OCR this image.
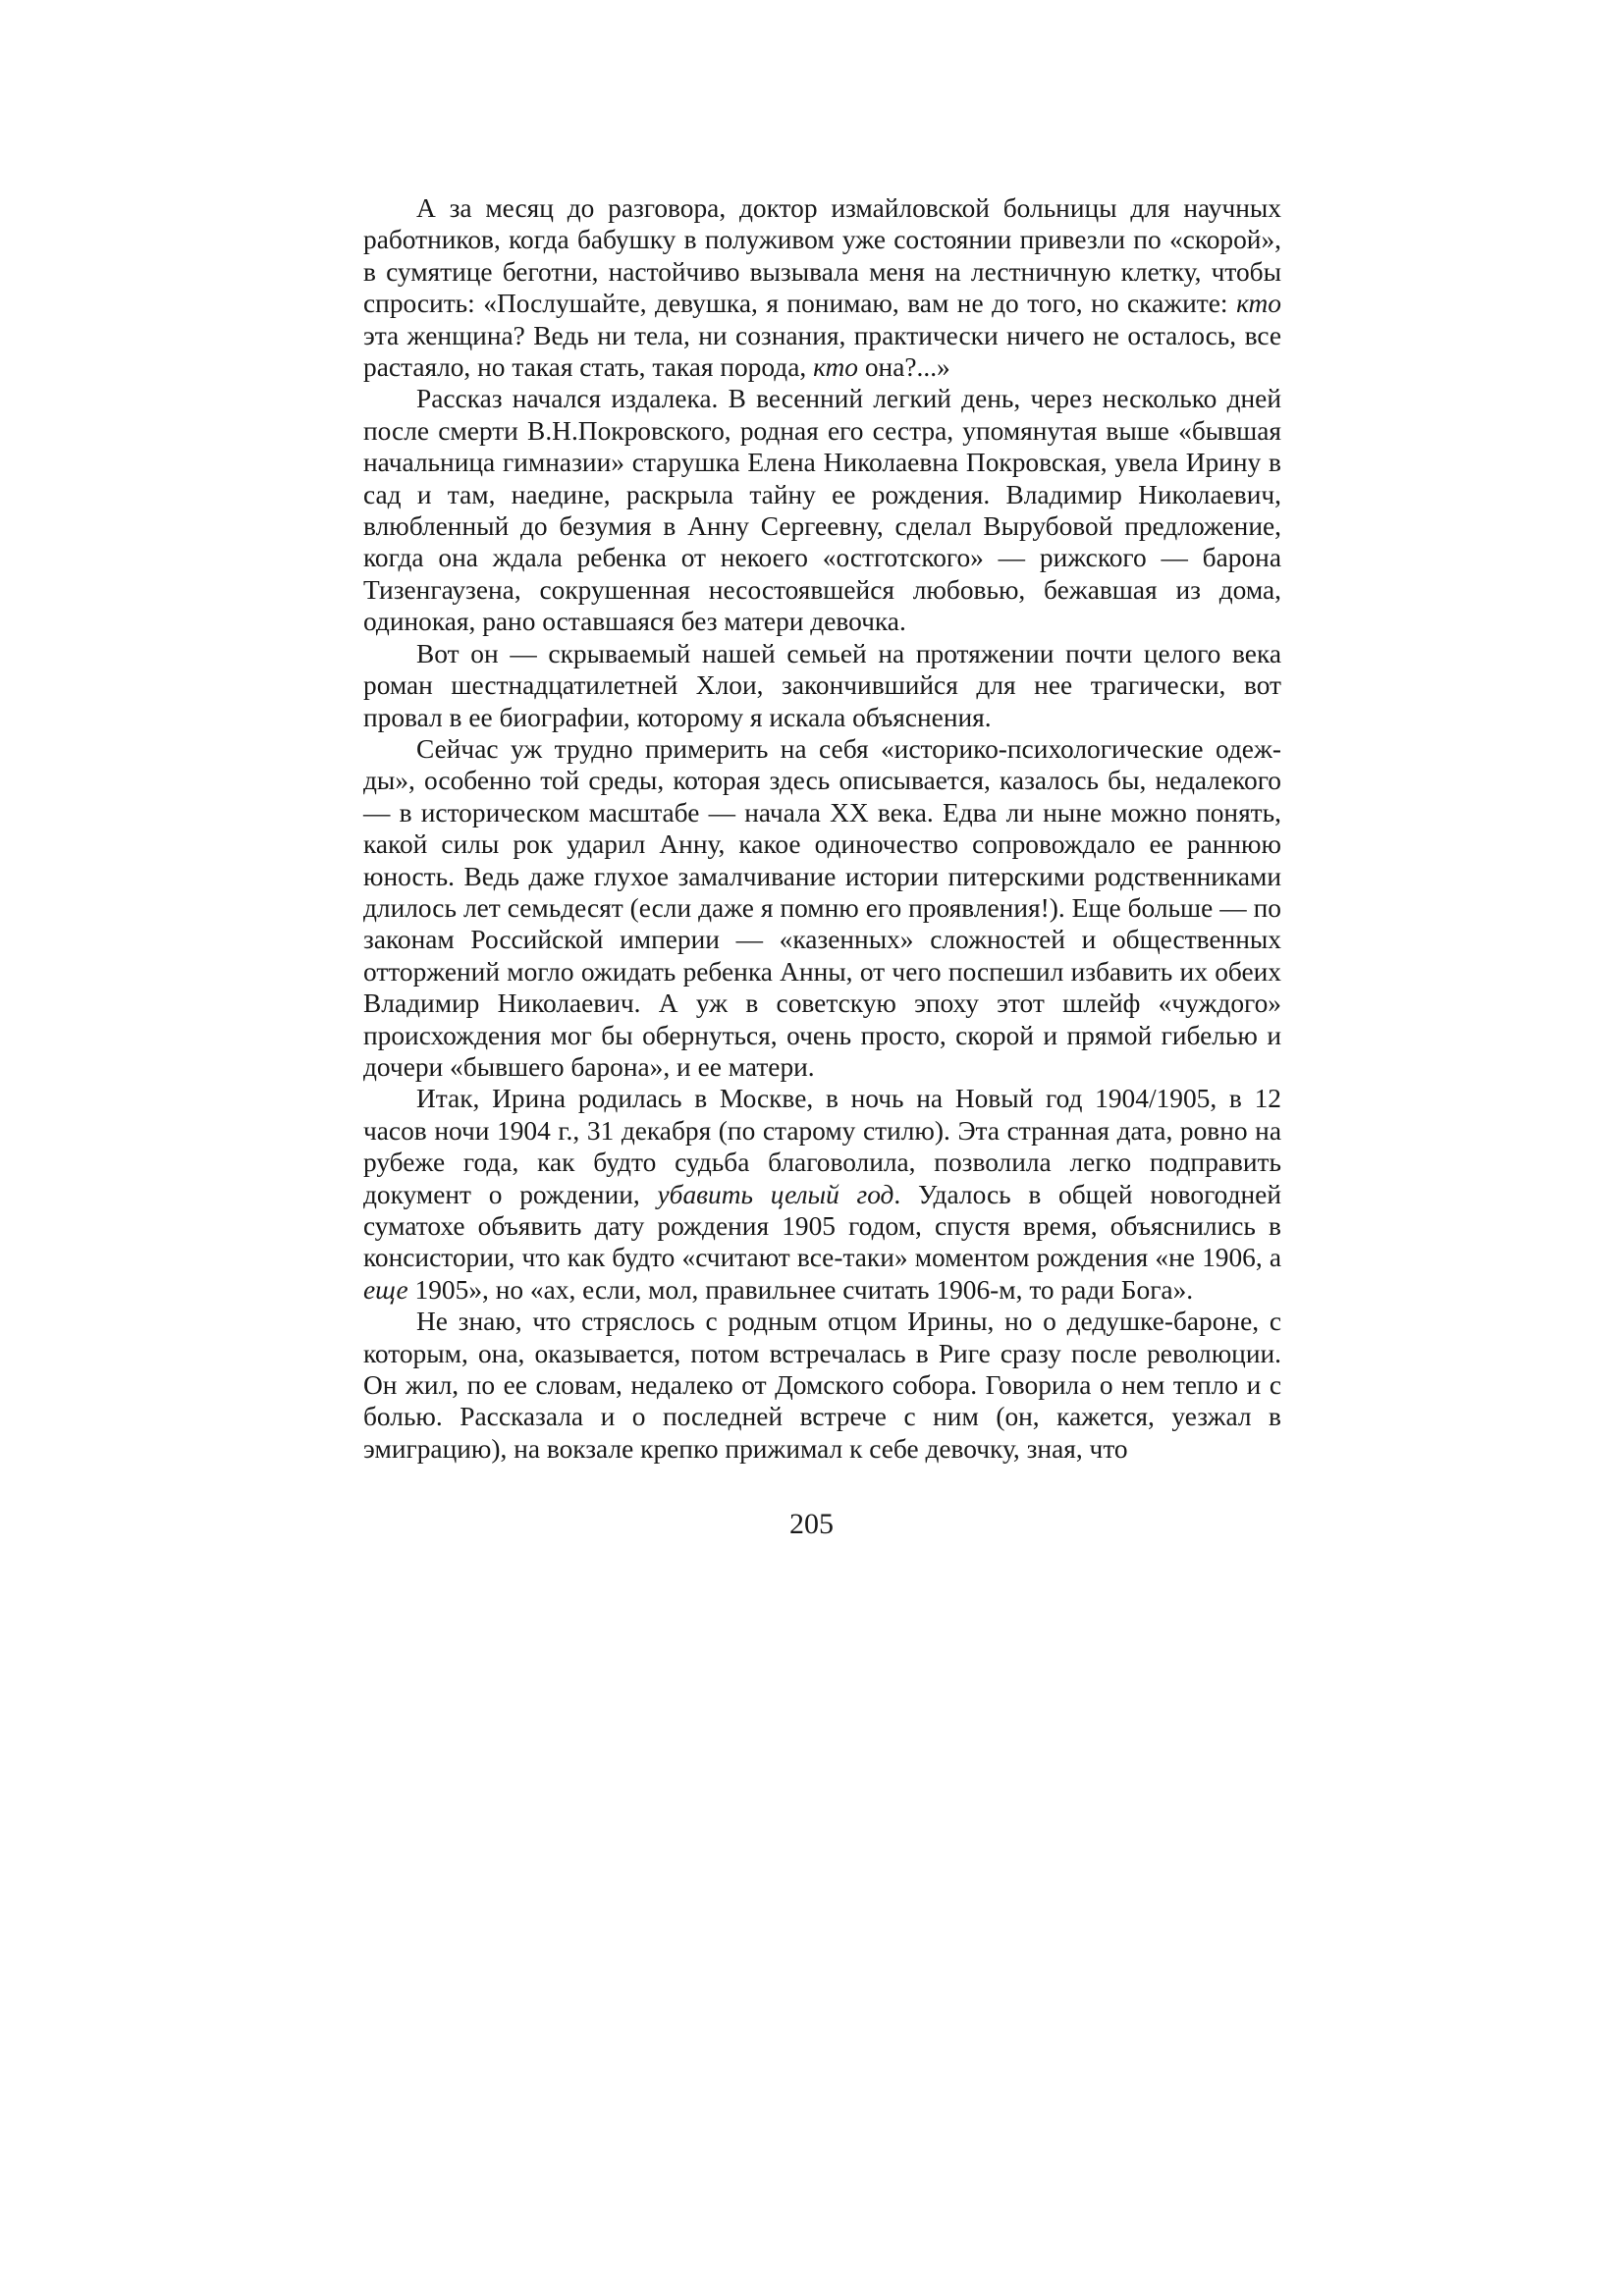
А за месяц до разговора, доктор измайловской больницы для научных работников, когда бабушку в полуживом уже состоянии привезли по «скорой», в сумятице беготни, настойчиво вызывала меня на лестничную клетку, чтобы спросить: «Послушайте, девушка, я понимаю, вам не до того, но скажите: кто эта женщина? Ведь ни тела, ни сознания, практически ничего не осталось, все растаяло, но такая стать, такая порода, кто она?...»

Рассказ начался издалека. В весенний легкий день, через несколько дней после смерти В.Н.Покровского, родная его сестра, упомянутая выше «бывшая начальница гимназии» старушка Елена Николаевна Покровская, увела Ирину в сад и там, наедине, раскрыла тайну ее рождения. Владимир Николаевич, влюбленный до безумия в Анну Сергеевну, сделал Вырубовой предложение, когда она ждала ребенка от некоего «остготского» — рижского — барона Тизенгаузена, сокрушенная несостоявшейся любовью, бежавшая из дома, одинокая, рано оставшаяся без матери девочка.

Вот он — скрываемый нашей семьей на протяжении почти целого века роман шестнадцатилетней Хлои, закончившийся для нее трагически, вот провал в ее биографии, которому я искала объяснения.

Сейчас уж трудно примерить на себя «историко-психологические одежды», особенно той среды, которая здесь описывается, казалось бы, недалекого — в историческом масштабе — начала XX века. Едва ли ныне можно понять, какой силы рок ударил Анну, какое одиночество сопровождало ее раннюю юность. Ведь даже глухое замалчивание истории питерскими родственниками длилось лет семьдесят (если даже я помню его проявления!). Еще больше — по законам Российской империи — «казенных» сложностей и общественных отторжений могло ожидать ребенка Анны, от чего поспешил избавить их обеих Владимир Николаевич. А уж в советскую эпоху этот шлейф «чуждого» происхождения мог бы обернуться, очень просто, скорой и прямой гибелью и дочери «бывшего барона», и ее матери.

Итак, Ирина родилась в Москве, в ночь на Новый год 1904/1905, в 12 часов ночи 1904 г., 31 декабря (по старому стилю). Эта странная дата, ровно на рубеже года, как будто судьба благоволила, позволила легко подправить документ о рождении, убавить целый год. Удалось в общей новогодней суматохе объявить дату рождения 1905 годом, спустя время, объяснились в консистории, что как будто «считают все-таки» моментом рождения «не 1906, а еще 1905», но «ах, если, мол, правильнее считать 1906-м, то ради Бога».

Не знаю, что стряслось с родным отцом Ирины, но о дедушке-бароне, с которым, она, оказывается, потом встречалась в Риге сразу после революции. Он жил, по ее словам, недалеко от Домского собора. Говорила о нем тепло и с болью. Рассказала и о последней встрече с ним (он, кажется, уезжал в эмиграцию), на вокзале крепко прижимал к себе девочку, зная, что

205
